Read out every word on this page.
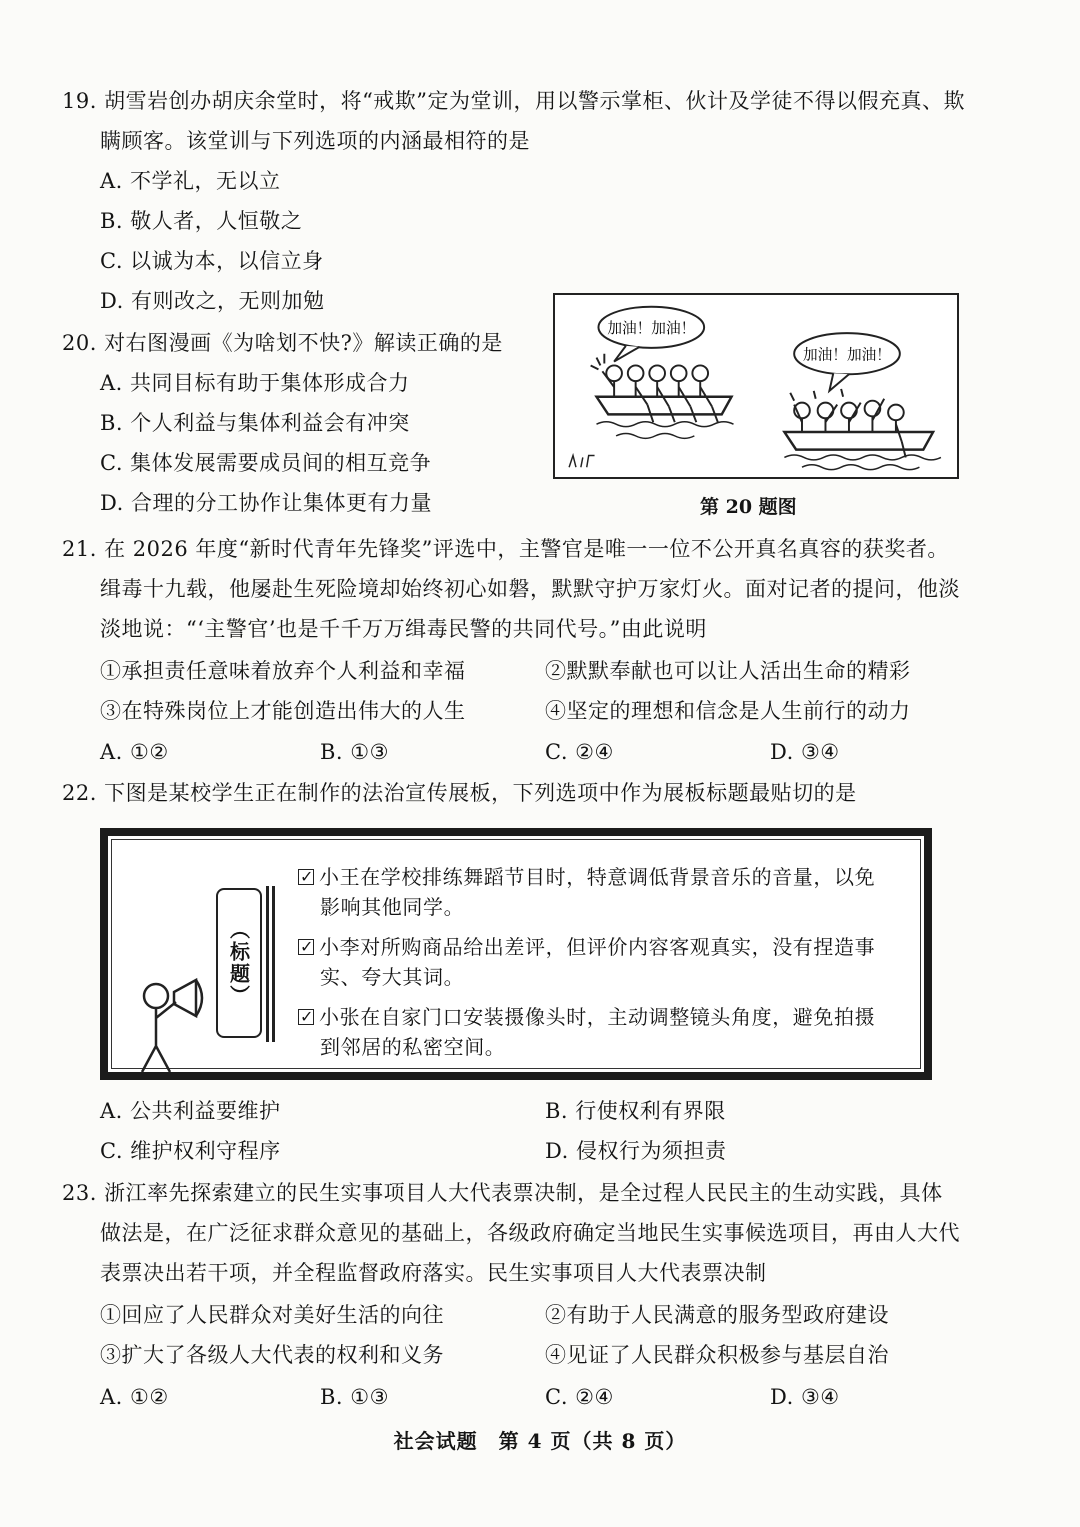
19. 胡雪岩创办胡庆余堂时，将“戒欺”定为堂训，用以警示掌柜、伙计及学徒不得以假充真、欺
瞒顾客。该堂训与下列选项的内涵最相符的是
A. 不学礼，无以立
B. 敬人者，人恒敬之
C. 以诚为本，以信立身
D. 有则改之，无则加勉
20. 对右图漫画《为啥划不快?》解读正确的是
A. 共同目标有助于集体形成合力
B. 个人利益与集体利益会有冲突
C. 集体发展需要成员间的相互竞争
D. 合理的分工协作让集体更有力量
加油！加油！
加油！加油！
第 20 题图
21. 在 2026 年度“新时代青年先锋奖”评选中，主警官是唯一一位不公开真名真容的获奖者。
缉毒十九载，他屡赴生死险境却始终初心如磐，默默守护万家灯火。面对记者的提问，他淡
淡地说：“‘主警官’也是千千万万缉毒民警的共同代号。”由此说明
①承担责任意味着放弃个人利益和幸福	②默默奉献也可以让人活出生命的精彩
③在特殊岗位上才能创造出伟大的人生	④坚定的理想和信念是人生前行的动力
A. ①②	B. ①③	C. ②④	D. ③④
22. 下图是某校学生正在制作的法治宣传展板，下列选项中作为展板标题最贴切的是
（标题）
✓小王在学校排练舞蹈节目时，特意调低背景音乐的音量，以免
影响其他同学。
✓小李对所购商品给出差评，但评价内容客观真实，没有捏造事
实、夸大其词。
✓小张在自家门口安装摄像头时，主动调整镜头角度，避免拍摄
到邻居的私密空间。
A. 公共利益要维护	B. 行使权利有界限
C. 维护权利守程序	D. 侵权行为须担责
23. 浙江率先探索建立的民生实事项目人大代表票决制，是全过程人民民主的生动实践，具体
做法是，在广泛征求群众意见的基础上，各级政府确定当地民生实事候选项目，再由人大代
表票决出若干项，并全程监督政府落实。民生实事项目人大代表票决制
①回应了人民群众对美好生活的向往	②有助于人民满意的服务型政府建设
③扩大了各级人大代表的权利和义务	④见证了人民群众积极参与基层自治
A. ①②	B. ①③	C. ②④	D. ③④
社会试题　第 4 页（共 8 页）
